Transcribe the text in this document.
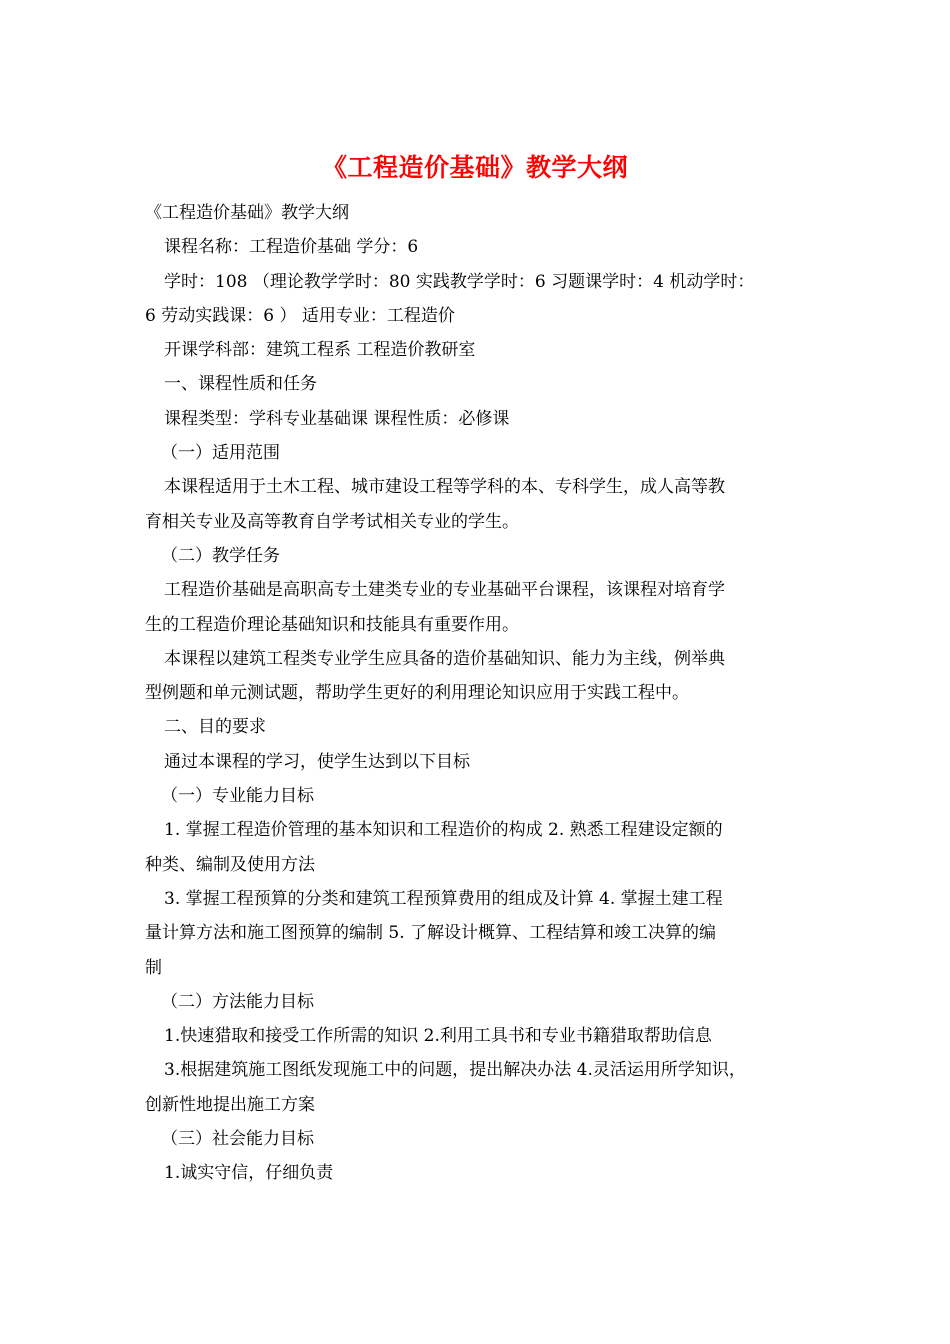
《工程造价基础》教学大纲
《工程造价基础》教学大纲
课程名称：工程造价基础 学分：6
学时：108 （理论教学学时：80 实践教学学时：6 习题课学时：4 机动学时：
6 劳动实践课：6 ） 适用专业：工程造价
开课学科部：建筑工程系 工程造价教研室
一、课程性质和任务
课程类型：学科专业基础课 课程性质：必修课
（一）适用范围
本课程适用于土木工程、城市建设工程等学科的本、专科学生，成人高等教
育相关专业及高等教育自学考试相关专业的学生。
（二）教学任务
工程造价基础是高职高专土建类专业的专业基础平台课程，该课程对培育学
生的工程造价理论基础知识和技能具有重要作用。
本课程以建筑工程类专业学生应具备的造价基础知识、能力为主线，例举典
型例题和单元测试题，帮助学生更好的利用理论知识应用于实践工程中。
二、目的要求
通过本课程的学习，使学生达到以下目标
（一）专业能力目标
1. 掌握工程造价管理的基本知识和工程造价的构成 2. 熟悉工程建设定额的
种类、编制及使用方法
3. 掌握工程预算的分类和建筑工程预算费用的组成及计算 4. 掌握土建工程
量计算方法和施工图预算的编制 5. 了解设计概算、工程结算和竣工决算的编
制
（二）方法能力目标
1.快速猎取和接受工作所需的知识 2.利用工具书和专业书籍猎取帮助信息
3.根据建筑施工图纸发现施工中的问题，提出解决办法 4.灵活运用所学知识，
创新性地提出施工方案
（三）社会能力目标
1.诚实守信，仔细负责
